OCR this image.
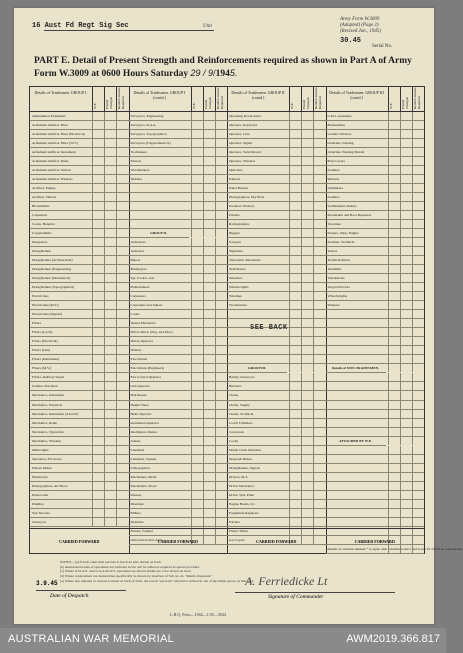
16 Aust Fd Regt Sig Sec	Unit
Army Form W.3009
(Adapted) (Page 2)
(Revised Jan., 1945)
30.45
Serial No.
PART E. Detail of Present Strength and Reinforcements required as shown in Part A of Army Form W.3009 at 0600 Hours Saturday 29 / 9/1945.
Details of Tradesmen. GROUP I.
W.E.	Posted Strength. Reinforcements Required.
Ammunition Examiners
Armament Artificer Fitter
Armament Artificer Fitter (Electrical)
Armament Artificer Fitter (W.T.)
Armament Artificer Instrument
Armament Artificer Radio
Armament Artificer Vehicle
Armament Artificer Wireless
Artificer, Engine
Artificer, Vehicle
Blacksmiths
Carpenters
Cooks, Hospital
Coppersmiths
Dispensers
Draughtsmen
Draughtsmen (Architectural)
Draughtsmen (Engineering)
Draughtsmen (Mechanical)
Draughtsmen (Topographical)
Electricians
Electricians (M.V.)
Electricians (Signals)
Fitters
Fitters (Cycle)
Fitters (Electrical)
Fitters (Gun)
Fitters (Instrument)
Fitters (M.V.)
Fitters, Railway Signal
Grinder, Precision
Mechanics, Instrument
Mechanics, Electrical
Mechanics, Instrument (Aircraft)
Mechanics, Radio
Mechanics, Typewriter
Mechanics, Wireless
Millwrights
Operators, Excavator
Pattern Maker
Pharmacist
Photographers, Air Photo
Photowriter
Plumber
Saw Doctors
Surveyors
CARRIED FORWARD
Details of Tradesmen. GROUP I (contd.)
W.E.	Posted Strength. Reinforcements Required.
Surveyors, Engineering
Surveyors, R.A.A.
Surveyors, Topographical
Surveyors (Trigonometrical)
Toolmakers
Turners
Watchmakers
Welders
GROUP II.
Armourers
Armourer
Bakers
Bricklayers
Sgt. Cook/a. asst.
Boilermakers
Carpenters
Carpenters and Joiners
Cooks
Dental Mechanics
Driver Mech. (Eng. and Mot.)
Driver Operator
Drillers
Electricians
Electricians (Engineers)
Fire Control Operator
Gun Operator
Hairdresser
Height Taker
Helio Operator
Instrument Operator
Intelligence Duties
Joiners
Linesman
Linesmen, Signals
Lithographers
Mechanists, Metal
Mechanists, Wood
Masons
Moulders
Millers
Moulders
Nurses, Trained
Observation Post Assts.
CARRIED FORWARD
Details of Tradesmen. GROUP II (contd.)
W.E.	Posted Strength. Reinforcements Required.
Operating Room Assts.
Operator, Keyboard
Operator, Line
Operator, Signal
Operator, Switchboard
Operator, Wireless
Opticians
Painters
Panel Beaters
Photographers, Dry Plate
Producer Workers
Printers
Radiographers
Riggers
Sawyers
Signallers
Telecomm. Mechanics
Wall Borers
Wheelers
Wheelwrights
Wiremen
Woodturners
GROUP III.
Battery Surveyors
Butchers
Clerks
Clerks, Supply
Clerks, Technical
Coach Trimmers
Concreters
Cooks
Dental Clerk Orderlies
Despatch Riders
Draughtsmen, Signals
Drivers, M.T.
Driver Mechanics
Driver Tpts, Plant
Engine Hands, I.C.
Equipment Repairers
Farriers
Fitters' Mates
Gas Layers	CARRIED FORWARD
Details of Tradesmen. GROUP III (contd.)
W.E.	Posted Strength. Reinforcements Required.
G.P.O. Assistants
Harnessmen
Leather Stitchers
Orderlies, Nursing
Orderlies, Nursing Mental
Plate Layers
Saddlers
Riveters
Sailmakers
Saddlers
Saddlemaker makers
Shoemaker and Boot Repairers
Storemen
Stokers, Shop, Engine
Sterman, Technical
Tailors
Textile Refitters
Tinsmiths
Valentinerss
Wagon Erectors
Wheelwrights
Wireless
Details of NON-TRADESMEN.
ATTACHED BY W.E.
Details of columns marked * to agree with columns 4 and 5 and 6 and 10 of Part A, respectively.
CARRIED FORWARD
SEE BACK
NOTES—(a) If such other than persons is involved give details on back.
(b) Authorized trades of specialists not included in list will be added as required in spaces provided.
(c) Where A.W.A.S. and/or A.A.M.W.S. personnel are shown details are to be shown on back.
(d) Where replacement are desired men specifically be shown by insertion of S.R. in col. "Reinfs. Required."
(e) Where any remarks or reasons is made on back of form, the words "see back" should be written in one of the blank spaces on this page.
3.9.45
Date of Despatch
A. Ferriedicke Lt
Signature of Commander
L.H.Q. Press—1944—1/45—3044
AUSTRALIAN WAR MEMORIAL	AWM2019.366.817
